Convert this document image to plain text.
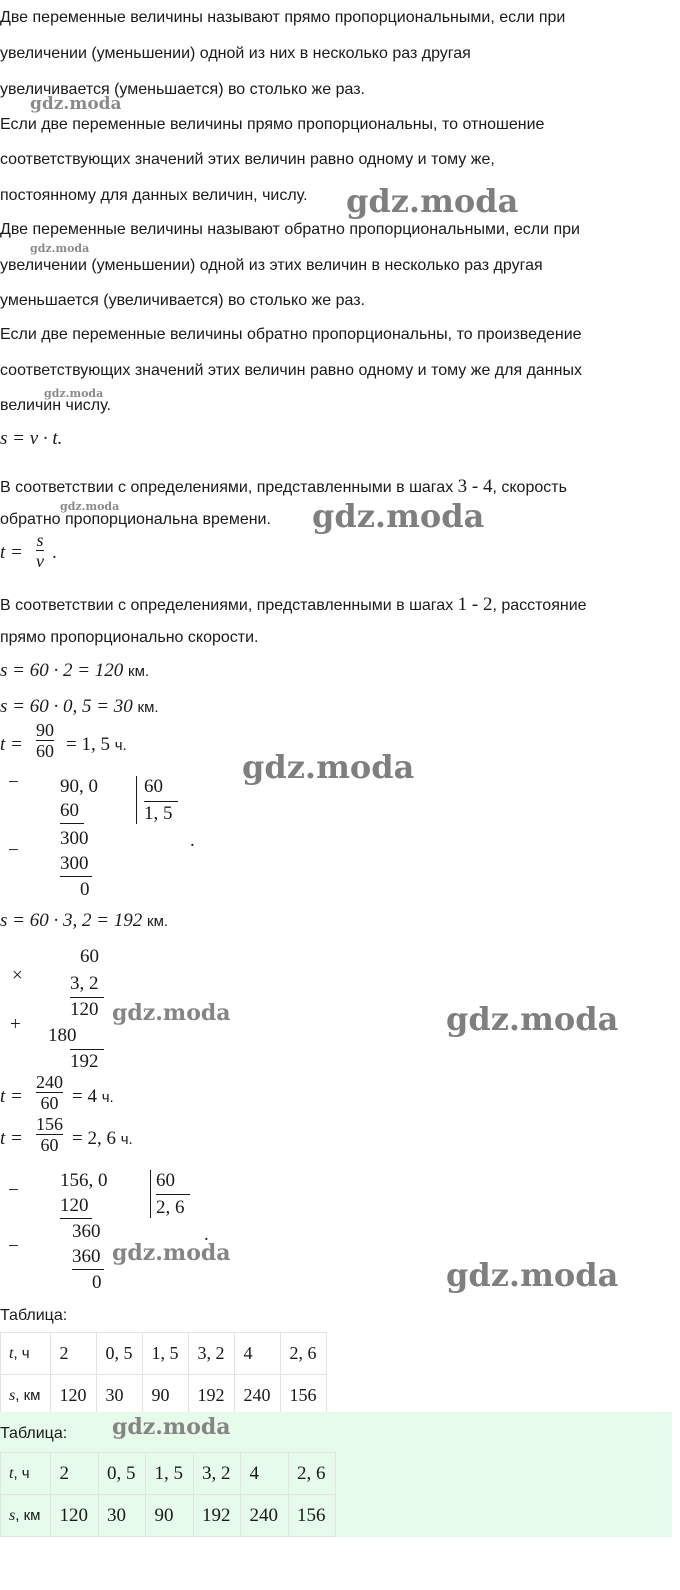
Две переменные величины называют прямо пропорциональными, если при
увеличении (уменьшении) одной из них в несколько раз другая
увеличивается (уменьшается) во столько же раз.
Если две переменные величины прямо пропорциональны, то отношение
соответствующих значений этих величин равно одному и тому же,
постоянному для данных величин, числу.
Две переменные величины называют обратно пропорциональными, если при
увеличении (уменьшении) одной из этих величин в несколько раз другая
уменьшается (увеличивается) во столько же раз.
Если две переменные величины обратно пропорциональны, то произведение
соответствующих значений этих величин равно одному и тому же для данных
величин числу.
s = v · t.
В соответствии с определениями, представленными в шагах 3 - 4, скорость
обратно пропорциональна времени.
$t = \frac{s}{v}$ .
В соответствии с определениями, представленными в шагах 1 - 2, расстояние
прямо пропорционально скорости.
s = 60 · 2 = 120 км.
s = 60 · 0, 5 = 30 км.
$t = \frac{90}{60} = 1$, 5 ч.
− 90, 0
60
60
1, 5
−
300
300
0
.
s = 60 · 3, 2 = 192 км.
×
60
3, 2
120
+
180
192
$t = \frac{240}{60} = 4$ ч.
$t = \frac{156}{60} = 2$, 6 ч.
− 156, 0
120
60
2, 6
−
360
360
0
.
Таблица:
t, ч	2	0, 5	1, 5	3, 2	4	2, 6
s, км	120	30	90	192	240	156
Таблица:
t, ч	2	0, 5	1, 5	3, 2	4	2, 6
s, км	120	30	90	192	240	156
gdz.moda
gdz.moda
gdz.moda
gdz.moda
gdz.moda	gdz.moda
gdz.moda
gdz.moda	gdz.moda
gdz.moda
gdz.moda
gdz.moda
